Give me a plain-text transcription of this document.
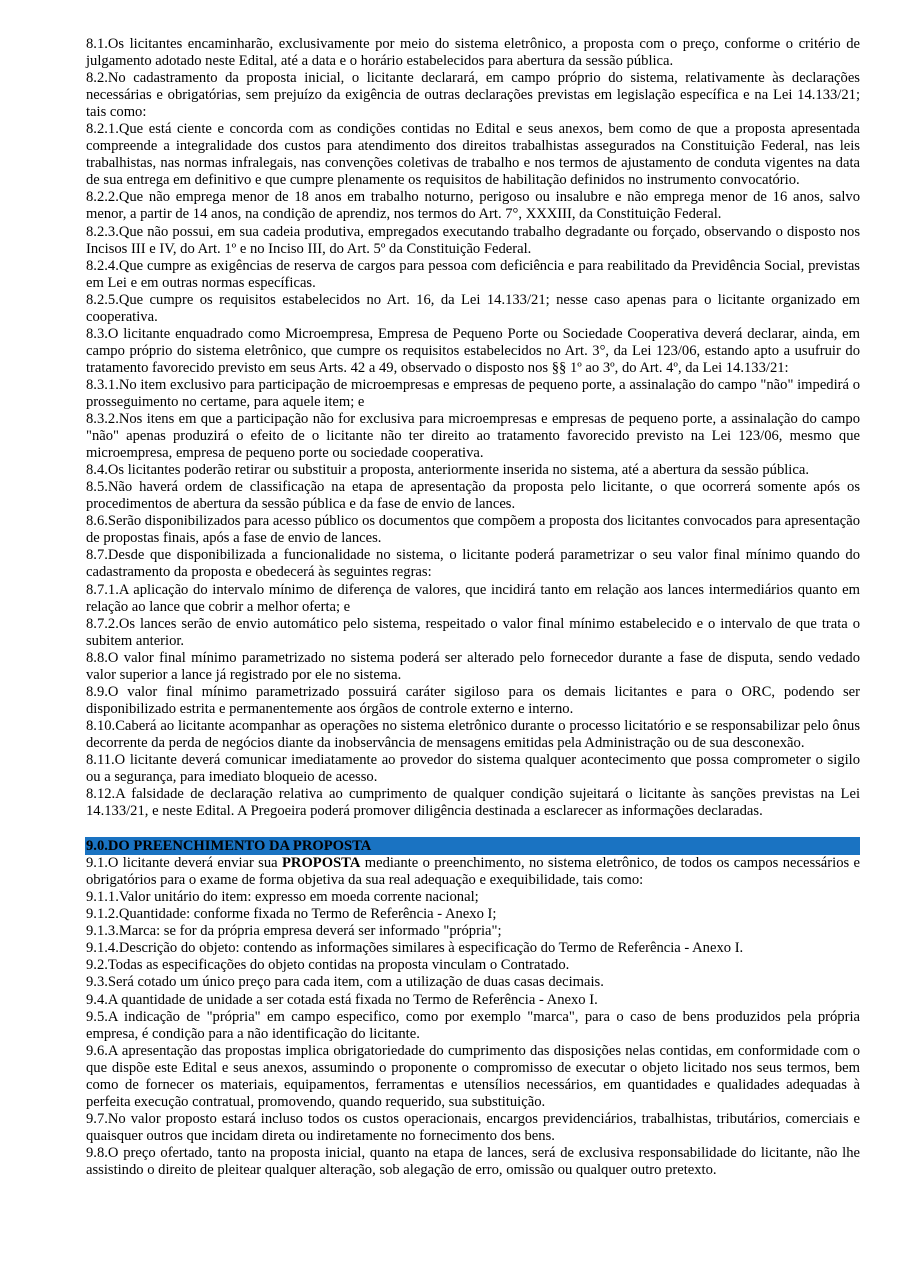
8.1.Os licitantes encaminharão, exclusivamente por meio do sistema eletrônico, a proposta com o preço, conforme o critério de julgamento adotado neste Edital, até a data e o horário estabelecidos para abertura da sessão pública.

8.2.No cadastramento da proposta inicial, o licitante declarará, em campo próprio do sistema, relativamente às declarações necessárias e obrigatórias, sem prejuízo da exigência de outras declarações previstas em legislação específica e na Lei 14.133/21; tais como:

8.2.1.Que está ciente e concorda com as condições contidas no Edital e seus anexos, bem como de que a proposta apresentada compreende a integralidade dos custos para atendimento dos direitos trabalhistas assegurados na Constituição Federal, nas leis trabalhistas, nas normas infralegais, nas convenções coletivas de trabalho e nos termos de ajustamento de conduta vigentes na data de sua entrega em definitivo e que cumpre plenamente os requisitos de habilitação definidos no instrumento convocatório.

8.2.2.Que não emprega menor de 18 anos em trabalho noturno, perigoso ou insalubre e não emprega menor de 16 anos, salvo menor, a partir de 14 anos, na condição de aprendiz, nos termos do Art. 7°, XXXIII, da Constituição Federal.

8.2.3.Que não possui, em sua cadeia produtiva, empregados executando trabalho degradante ou forçado, observando o disposto nos Incisos III e IV, do Art. 1º e no Inciso III, do Art. 5º da Constituição Federal.

8.2.4.Que cumpre as exigências de reserva de cargos para pessoa com deficiência e para reabilitado da Previdência Social, previstas em Lei e em outras normas específicas.

8.2.5.Que cumpre os requisitos estabelecidos no Art. 16, da Lei 14.133/21; nesse caso apenas para o licitante organizado em cooperativa.

8.3.O licitante enquadrado como Microempresa, Empresa de Pequeno Porte ou Sociedade Cooperativa deverá declarar, ainda, em campo próprio do sistema eletrônico, que cumpre os requisitos estabelecidos no Art. 3°, da Lei 123/06, estando apto a usufruir do tratamento favorecido previsto em seus Arts. 42 a 49, observado o disposto nos §§ 1º ao 3º, do Art. 4º, da Lei 14.133/21:

8.3.1.No item exclusivo para participação de microempresas e empresas de pequeno porte, a assinalação do campo "não" impedirá o prosseguimento no certame, para aquele item; e

8.3.2.Nos itens em que a participação não for exclusiva para microempresas e empresas de pequeno porte, a assinalação do campo "não" apenas produzirá o efeito de o licitante não ter direito ao tratamento favorecido previsto na Lei 123/06, mesmo que microempresa, empresa de pequeno porte ou sociedade cooperativa.

8.4.Os licitantes poderão retirar ou substituir a proposta, anteriormente inserida no sistema, até a abertura da sessão pública.

8.5.Não haverá ordem de classificação na etapa de apresentação da proposta pelo licitante, o que ocorrerá somente após os procedimentos de abertura da sessão pública e da fase de envio de lances.

8.6.Serão disponibilizados para acesso público os documentos que compõem a proposta dos licitantes convocados para apresentação de propostas finais, após a fase de envio de lances.

8.7.Desde que disponibilizada a funcionalidade no sistema, o licitante poderá parametrizar o seu valor final mínimo quando do cadastramento da proposta e obedecerá às seguintes regras:

8.7.1.A aplicação do intervalo mínimo de diferença de valores, que incidirá tanto em relação aos lances intermediários quanto em relação ao lance que cobrir a melhor oferta; e

8.7.2.Os lances serão de envio automático pelo sistema, respeitado o valor final mínimo estabelecido e o intervalo de que trata o subitem anterior.

8.8.O valor final mínimo parametrizado no sistema poderá ser alterado pelo fornecedor durante a fase de disputa, sendo vedado valor superior a lance já registrado por ele no sistema.

8.9.O valor final mínimo parametrizado possuirá caráter sigiloso para os demais licitantes e para o ORC, podendo ser disponibilizado estrita e permanentemente aos órgãos de controle externo e interno.

8.10.Caberá ao licitante acompanhar as operações no sistema eletrônico durante o processo licitatório e se responsabilizar pelo ônus decorrente da perda de negócios diante da inobservância de mensagens emitidas pela Administração ou de sua desconexão.

8.11.O licitante deverá comunicar imediatamente ao provedor do sistema qualquer acontecimento que possa comprometer o sigilo ou a segurança, para imediato bloqueio de acesso.

8.12.A falsidade de declaração relativa ao cumprimento de qualquer condição sujeitará o licitante às sanções previstas na Lei 14.133/21, e neste Edital. A Pregoeira poderá promover diligência destinada a esclarecer as informações declaradas.

9.0.DO PREENCHIMENTO DA PROPOSTA

9.1.O licitante deverá enviar sua PROPOSTA mediante o preenchimento, no sistema eletrônico, de todos os campos necessários e obrigatórios para o exame de forma objetiva da sua real adequação e exequibilidade, tais como:

9.1.1.Valor unitário do item: expresso em moeda corrente nacional;

9.1.2.Quantidade: conforme fixada no Termo de Referência - Anexo I;

9.1.3.Marca: se for da própria empresa deverá ser informado "própria";

9.1.4.Descrição do objeto: contendo as informações similares à especificação do Termo de Referência - Anexo I.

9.2.Todas as especificações do objeto contidas na proposta vinculam o Contratado.

9.3.Será cotado um único preço para cada item, com a utilização de duas casas decimais.

9.4.A quantidade de unidade a ser cotada está fixada no Termo de Referência - Anexo I.

9.5.A indicação de "própria" em campo especifico, como por exemplo "marca", para o caso de bens produzidos pela própria empresa, é condição para a não identificação do licitante.

9.6.A apresentação das propostas implica obrigatoriedade do cumprimento das disposições nelas contidas, em conformidade com o que dispõe este Edital e seus anexos, assumindo o proponente o compromisso de executar o objeto licitado nos seus termos, bem como de fornecer os materiais, equipamentos, ferramentas e utensílios necessários, em quantidades e qualidades adequadas à perfeita execução contratual, promovendo, quando requerido, sua substituição.

9.7.No valor proposto estará incluso todos os custos operacionais, encargos previdenciários, trabalhistas, tributários, comerciais e quaisquer outros que incidam direta ou indiretamente no fornecimento dos bens.

9.8.O preço ofertado, tanto na proposta inicial, quanto na etapa de lances, será de exclusiva responsabilidade do licitante, não lhe assistindo o direito de pleitear qualquer alteração, sob alegação de erro, omissão ou qualquer outro pretexto.
